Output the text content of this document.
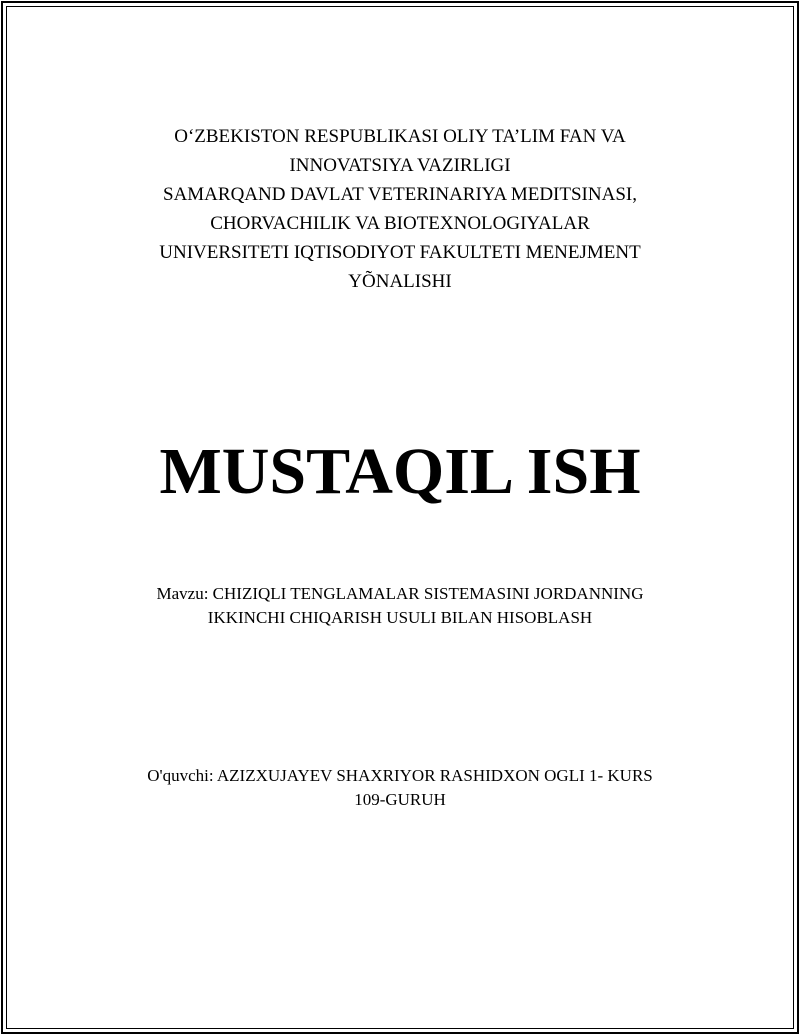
O‘ZBEKISTON RESPUBLIKASI OLIY TA’LIM FAN VA
INNOVATSIYA VAZIRLIGI
SAMARQAND DAVLAT VETERINARIYA MEDITSINASI,
CHORVACHILIK VA BIOTEXNOLOGIYALAR
UNIVERSITETI IQTISODIYOT FAKULTETI MENEJMENT
YÕNALISHI
MUSTAQIL ISH
Mavzu: CHIZIQLI TENGLAMALAR SISTEMASINI JORDANNING
IKKINCHI CHIQARISH USULI BILAN HISOBLASH
O'quvchi: AZIZXUJAYEV SHAXRIYOR RASHIDXON OGLI 1- KURS
109-GURUH
